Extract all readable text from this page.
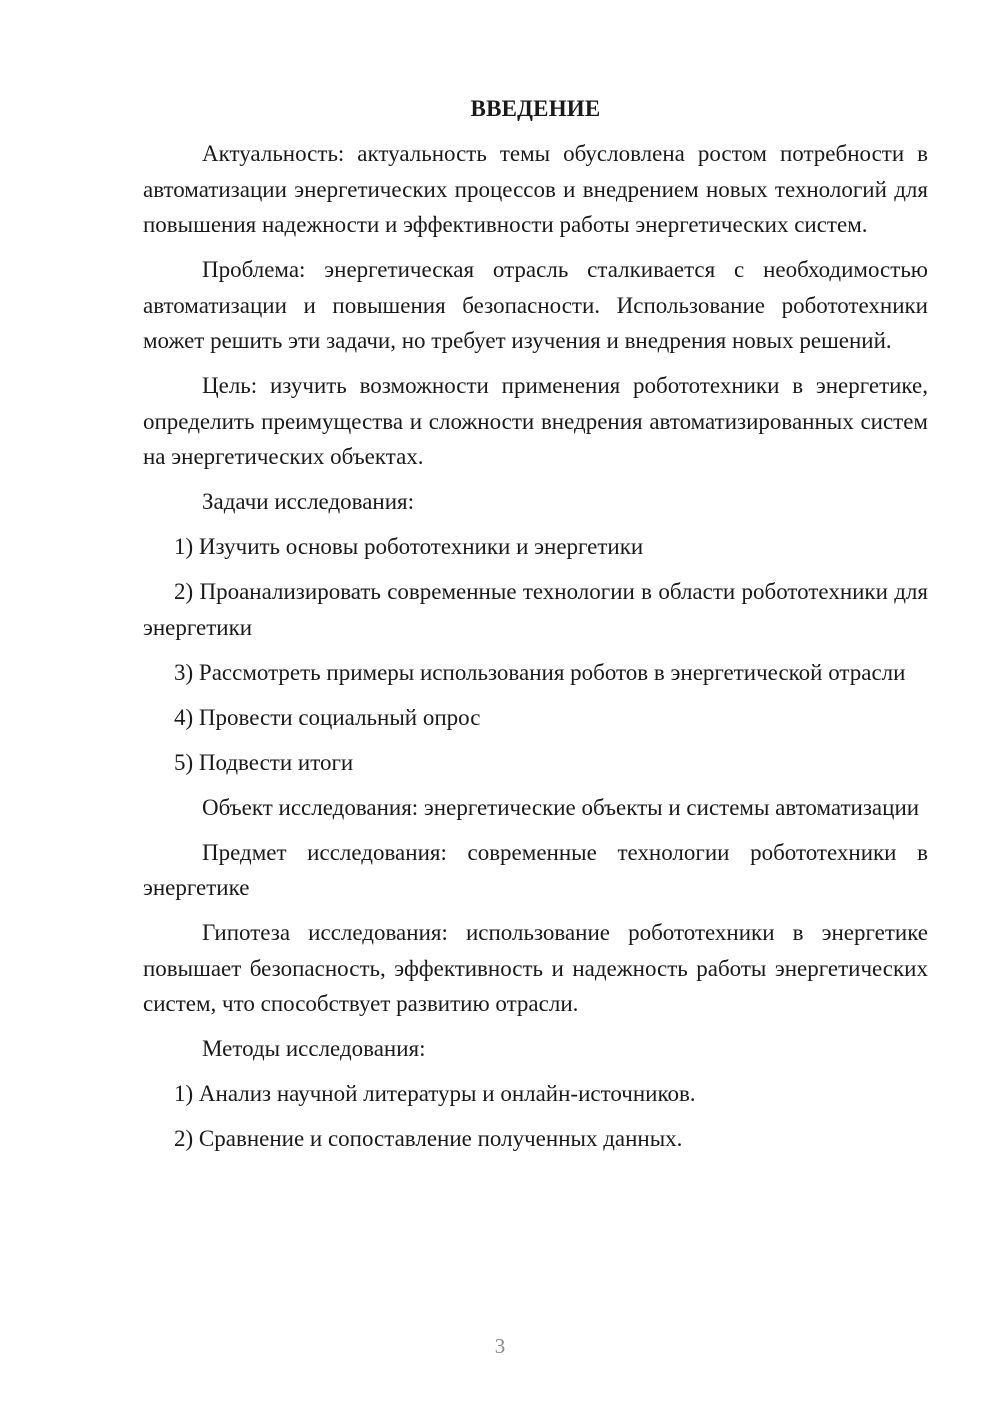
ВВЕДЕНИЕ

Актуальность: актуальность темы обусловлена ростом потребности в автоматизации энергетических процессов и внедрением новых технологий для повышения надежности и эффективности работы энергетических систем.

Проблема: энергетическая отрасль сталкивается с необходимостью автоматизации и повышения безопасности. Использование робототехники может решить эти задачи, но требует изучения и внедрения новых решений.

Цель: изучить возможности применения робототехники в энергетике, определить преимущества и сложности внедрения автоматизированных систем на энергетических объектах.

Задачи исследования:

1) Изучить основы робототехники и энергетики

2) Проанализировать современные технологии в области робототехники для энергетики

3) Рассмотреть примеры использования роботов в энергетической отрасли

4) Провести социальный опрос

5) Подвести итоги

Объект исследования: энергетические объекты и системы автоматизации

Предмет исследования: современные технологии робототехники в энергетике

Гипотеза исследования: использование робототехники в энергетике повышает безопасность, эффективность и надежность работы энергетических систем, что способствует развитию отрасли.

Методы исследования:

1) Анализ научной литературы и онлайн-источников.

2) Сравнение и сопоставление полученных данных.

3
